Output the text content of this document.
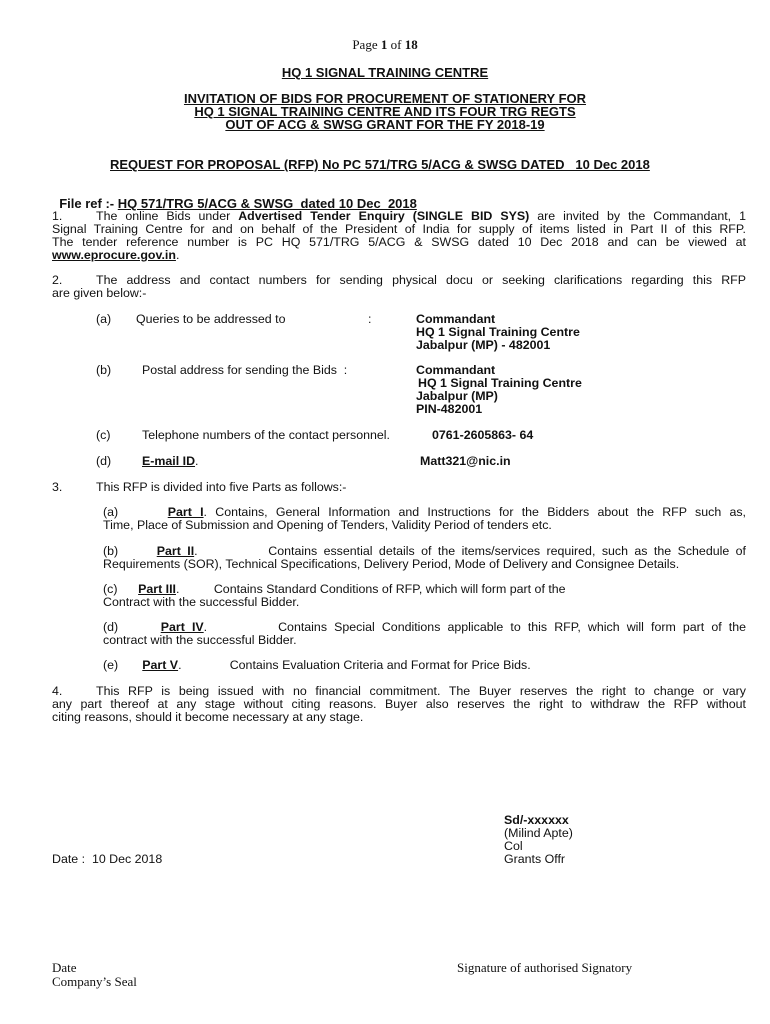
Page 1 of 18
HQ 1 SIGNAL TRAINING CENTRE
INVITATION OF BIDS FOR PROCUREMENT OF STATIONERY FOR
HQ 1 SIGNAL TRAINING CENTRE AND ITS FOUR TRG REGTS
OUT OF ACG & SWSG GRANT FOR THE FY 2018-19
REQUEST FOR PROPOSAL (RFP) No PC 571/TRG 5/ACG & SWSG DATED   10 Dec 2018

File ref :- HQ 571/TRG 5/ACG & SWSG  dated 10 Dec  2018

1.	The online Bids under Advertised Tender Enquiry (SINGLE BID SYS) are invited by the Commandant, 1

Signal Training Centre for and on behalf of the President of India for supply of items listed in Part II of this RFP.

The tender reference number is PC HQ 571/TRG 5/ACG & SWSG dated 10 Dec 2018 and can be viewed at

www.eprocure.gov.in.

2.	The address and contact numbers for sending physical docu or seeking clarifications regarding this RFP

are given below:-

(a) Queries to be addressed to	:	Commandant

HQ 1 Signal Training Centre

Jabalpur (MP) - 482001

(b) Postal address for sending the Bids  :	Commandant

HQ 1 Signal Training Centre

Jabalpur (MP)

PIN-482001

(c)	Telephone numbers of the contact personnel.	0761-2605863- 64
(d) E-mail ID.	Matt321@nic.in
3.	This RFP is divided into five Parts as follows:-

(a)	Part I. Contains, General Information and Instructions for the Bidders about the RFP such as,

Time, Place of Submission and Opening of Tenders, Validity Period of tenders etc.

(b)	Part II.           Contains essential details of the items/services required, such as the Schedule of

Requirements (SOR), Technical Specifications, Delivery Period, Mode of Delivery and Consignee Details.

(c) Part III.          Contains Standard Conditions of RFP, which will form part of the

Contract with the successful Bidder.

(d)	Part IV.          Contains Special Conditions applicable to this RFP, which will form part of the

contract with the successful Bidder.

(e) Part V.              Contains Evaluation Criteria and Format for Price Bids.

4.	This RFP is being issued with no financial commitment. The Buyer reserves the right to change or vary

any part thereof at any stage without citing reasons. Buyer also reserves the right to withdraw the RFP without

citing reasons, should it become necessary at any stage.

Sd/-xxxxxx

(Milind Apte)

Col

Grants Offr

Date :  10 Dec 2018
Date
Company’s Seal
Signature of authorised Signatory
